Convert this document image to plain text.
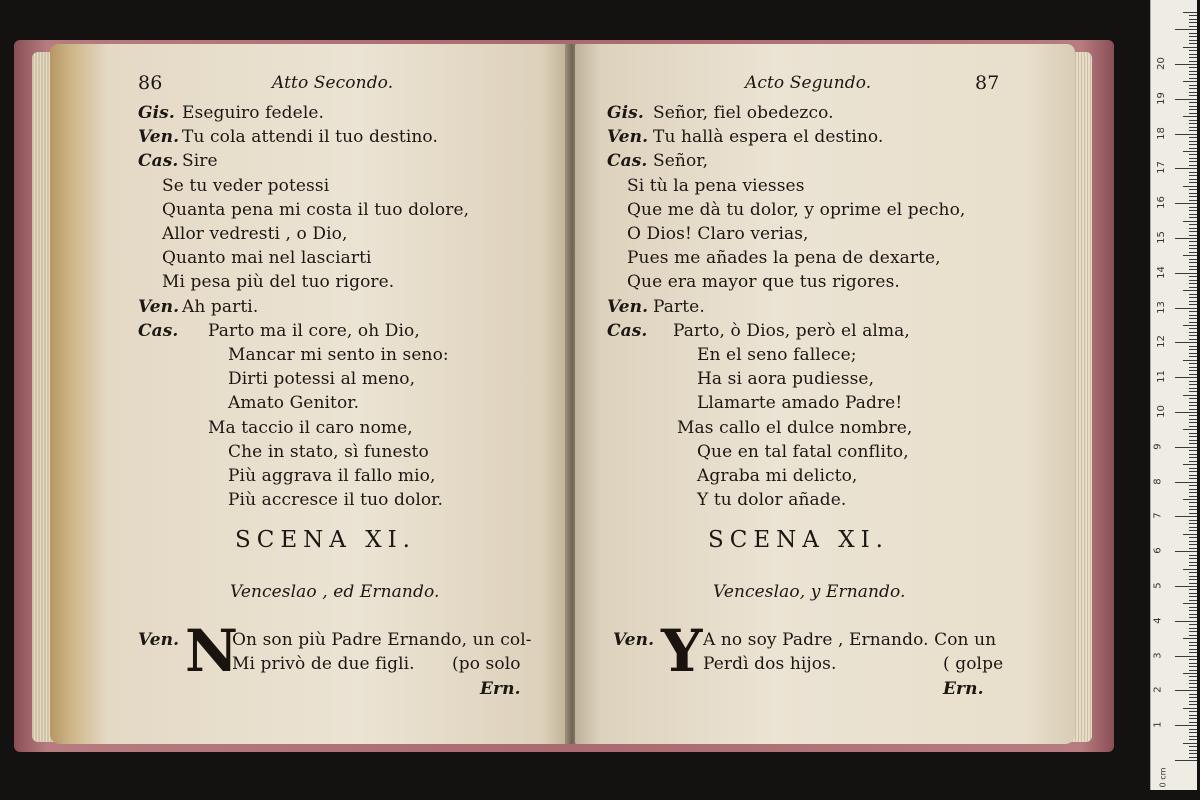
86	Atto Secondo.
Gis. Eseguiro fedele.
Ven. Tu cola attendi il tuo destino.
Cas. Sire
Se tu veder potessi
Quanta pena mi costa il tuo dolore,
Allor vedresti , o Dio,
Quanto mai nel lasciarti
Mi pesa più del tuo rigore.
Ven. Ah parti.
Cas. Parto ma il core, oh Dio,
Mancar mi sento in seno:
Dirti potessi al meno,
Amato Genitor.
Ma taccio il caro nome,
Che in stato, sì funesto
Più aggrava il fallo mio,
Più accresce il tuo dolor.
SCENA XI.
Venceslao , ed Ernando.
Ven. N
On son più Padre Ernando, un col-
Mi privò de due figli. (po solo
Ern.
Acto Segundo.	87
Gis. Señor, fiel obedezco.
Ven. Tu hallà espera el destino.
Cas. Señor,
Si tù la pena viesses
Que me dà tu dolor, y oprime el pecho,
O Dios! Claro verias,
Pues me añades la pena de dexarte,
Que era mayor que tus rigores.
Ven. Parte.
Cas. Parto, ò Dios, però el alma,
En el seno fallece;
Ha si aora pudiesse,
Llamarte amado Padre!
Mas callo el dulce nombre,
Que en tal fatal conflito,
Agraba mi delicto,
Y tu dolor añade.
SCENA XI.
Venceslao, y Ernando.
Ven. Y A no soy Padre , Ernando. Con un
Perdì dos hijos.	( golpe
Ern.
0 cm
1
2
3
4
5
6
7
8
9
10
11
12
13
14
15
16
17
18
19
20
